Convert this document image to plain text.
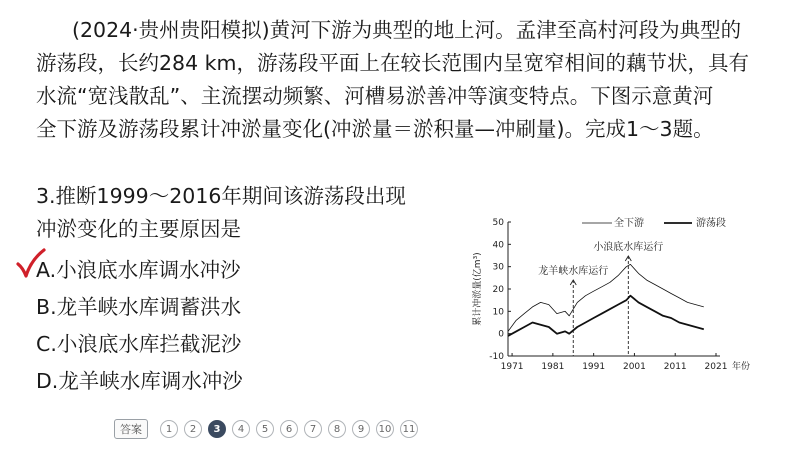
(2024·贵州贵阳模拟)黄河下游为典型的地上河。孟津至高村河段为典型的
游荡段，长约284 km，游荡段平面上在较长范围内呈宽窄相间的藕节状，具有
水流“宽浅散乱”、主流摆动频繁、河槽易淤善冲等演变特点。下图示意黄河
全下游及游荡段累计冲淤量变化(冲淤量＝淤积量—冲刷量)。完成1～3题。
3.推断1999～2016年期间该游荡段出现
冲淤变化的主要原因是
A.小浪底水库调水冲沙
B.龙羊峡水库调蓄洪水
C.小浪底水库拦截泥沙
D.龙羊峡水库调水冲沙
-10
0
10
20
30
40
50
1971 1981 1991 2001 2011 2021 年份
累计冲淤量(亿m³)	龙羊峡水库运行
小浪底水库运行
全下游	游荡段
答案	1	2	3	4	5	6	7	8	9	10 11
